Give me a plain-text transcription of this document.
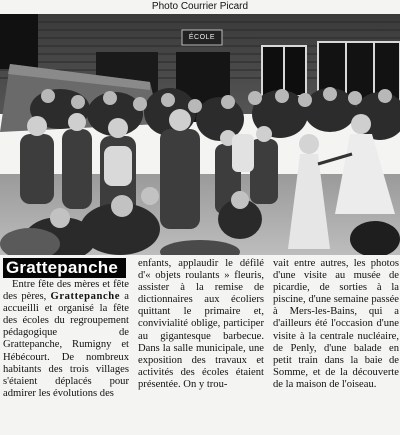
Photo Courrier Picard
ÉCOLE
Grattepanche

Entre fête des mères et fête des pères, Grattepanche a accueilli et organisé la fête des écoles du regroupement pédagogique de Grattepanche, Rumigny et Hébécourt. De nombreux habitants des trois villages s'étaient déplacés pour admirer les évolutions des

enfants, applaudir le défilé d'« objets roulants » fleuris, assister à la remise de dictionnaires aux écoliers quittant le primaire et, convivialité oblige, participer au gigantesque barbecue. Dans la salle municipale, une exposition des travaux et activités des écoles étaient présentée. On y trou-

vait entre autres, les photos d'une visite au musée de picardie, de sorties à la piscine, d'une semaine passée à Mers-les-Bains, qui a d'ailleurs été l'occasion d'une visite à la centrale nucléaire, de Penly, d'une balade en petit train dans la baie de Somme, et de la découverte de la maison de l'oiseau.
